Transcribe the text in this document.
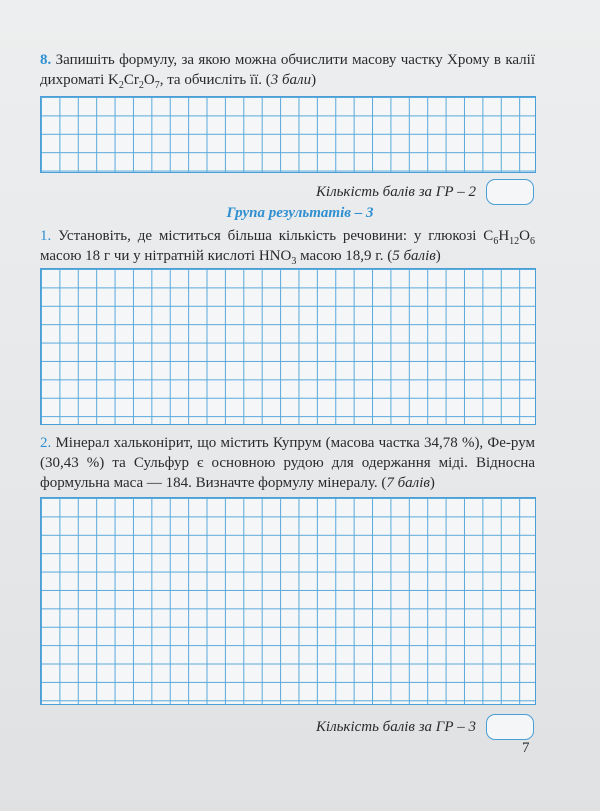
8. Запишіть формулу, за якою можна обчислити масову частку Хрому в калії дихроматі $K_2Cr_2O_7$, та обчисліть її. (3 бали)
Кількість балів за ГР – 2
Група результатів – 3
1. Установіть, де міститься більша кількість речовини: у глюкозі $C_6H_{12}O_6$ масою 18 г чи у нітратній кислоті $HNO_3$ масою 18,9 г. (5 балів)
2. Мінерал хальконірит, що містить Купрум (масова частка 34,78 %), Фе-рум (30,43 %) та Сульфур є основною рудою для одержання міді. Відносна формульна маса — 184. Визначте формулу мінералу. (7 балів)
Кількість балів за ГР – 3
7
